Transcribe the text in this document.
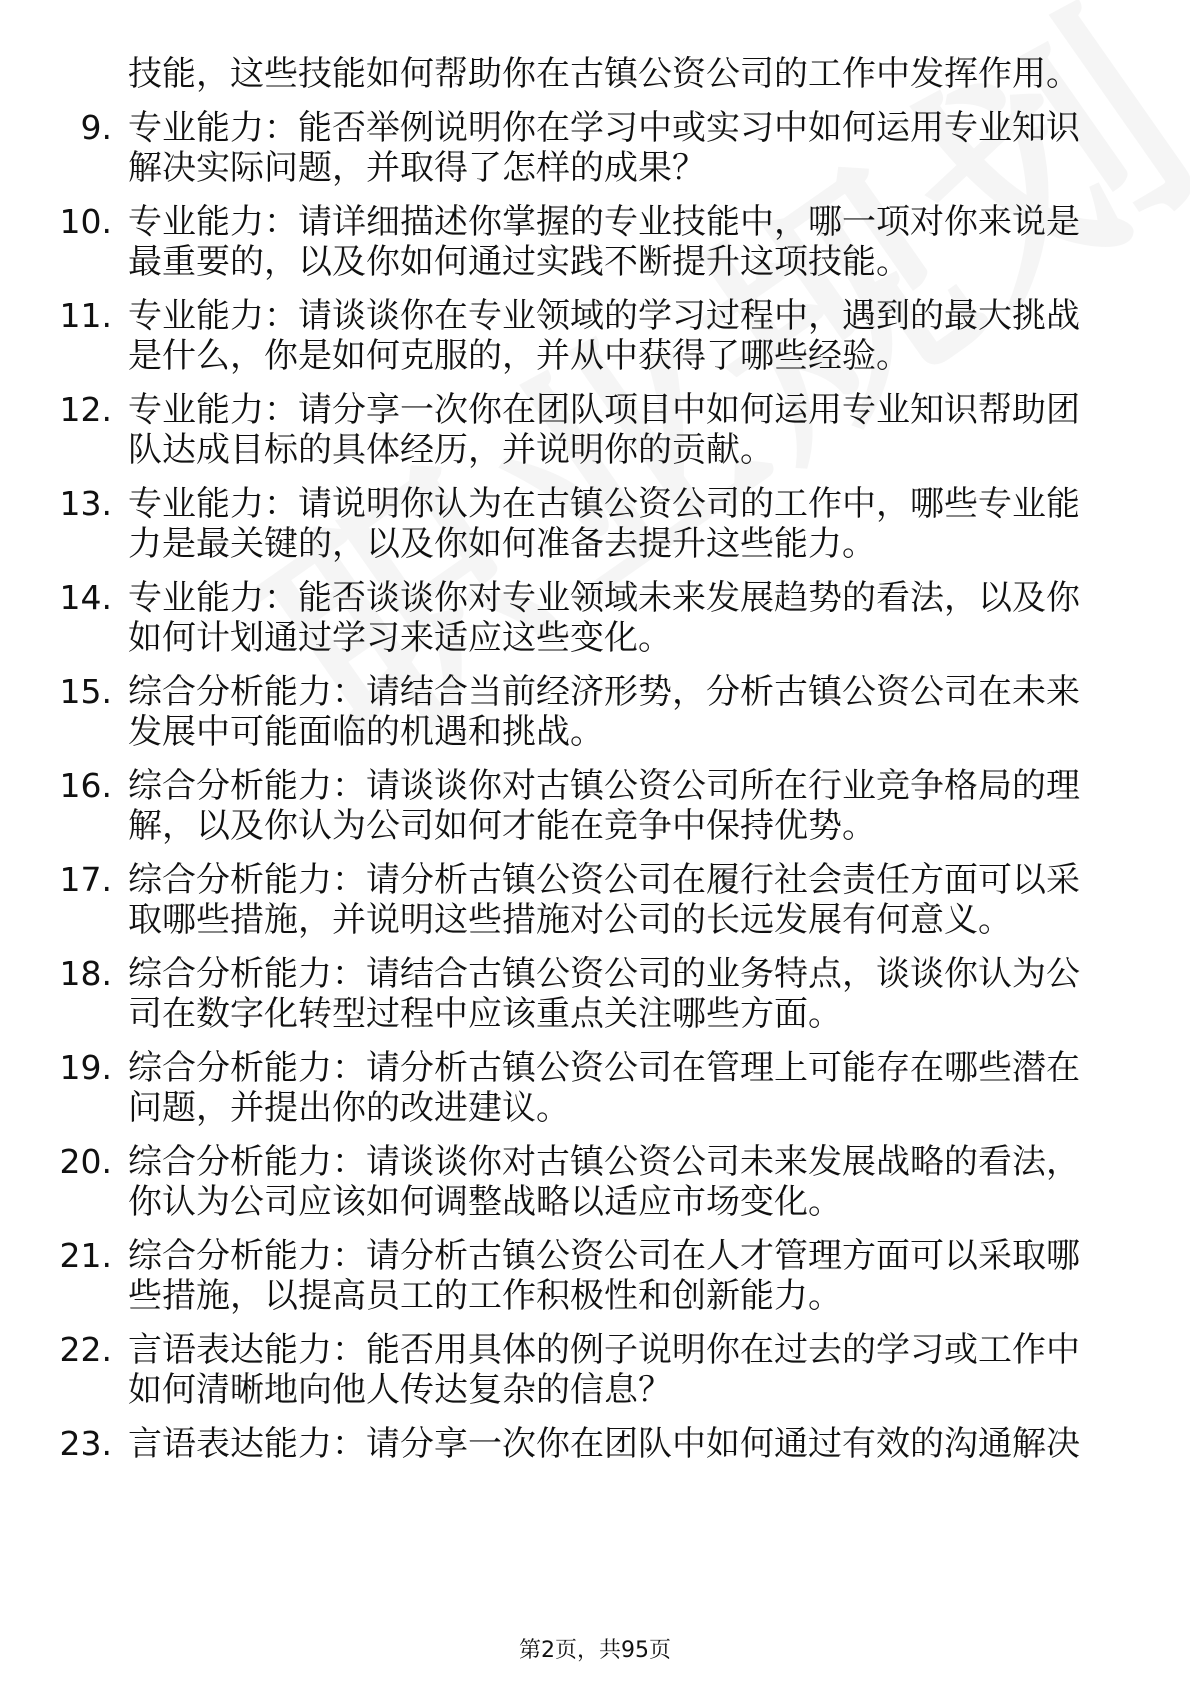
技能，这些技能如何帮助你在古镇公资公司的工作中发挥作用。
9. 专业能力：能否举例说明你在学习中或实习中如何运用专业知识
解决实际问题，并取得了怎样的成果？
10. 专业能力：请详细描述你掌握的专业技能中，哪一项对你来说是
最重要的，以及你如何通过实践不断提升这项技能。
11. 专业能力：请谈谈你在专业领域的学习过程中，遇到的最大挑战
是什么，你是如何克服的，并从中获得了哪些经验。
12. 专业能力：请分享一次你在团队项目中如何运用专业知识帮助团
队达成目标的具体经历，并说明你的贡献。
13. 专业能力：请说明你认为在古镇公资公司的工作中，哪些专业能
力是最关键的，以及你如何准备去提升这些能力。
14. 专业能力：能否谈谈你对专业领域未来发展趋势的看法，以及你
如何计划通过学习来适应这些变化。
15. 综合分析能力：请结合当前经济形势，分析古镇公资公司在未来
发展中可能面临的机遇和挑战。
16. 综合分析能力：请谈谈你对古镇公资公司所在行业竞争格局的理
解，以及你认为公司如何才能在竞争中保持优势。
17. 综合分析能力：请分析古镇公资公司在履行社会责任方面可以采
取哪些措施，并说明这些措施对公司的长远发展有何意义。
18. 综合分析能力：请结合古镇公资公司的业务特点，谈谈你认为公
司在数字化转型过程中应该重点关注哪些方面。
19. 综合分析能力：请分析古镇公资公司在管理上可能存在哪些潜在
问题，并提出你的改进建议。
20. 综合分析能力：请谈谈你对古镇公资公司未来发展战略的看法，
你认为公司应该如何调整战略以适应市场变化。
21. 综合分析能力：请分析古镇公资公司在人才管理方面可以采取哪
些措施，以提高员工的工作积极性和创新能力。
22. 言语表达能力：能否用具体的例子说明你在过去的学习或工作中
如何清晰地向他人传达复杂的信息？
23. 言语表达能力：请分享一次你在团队中如何通过有效的沟通解决
第2页，共95页
